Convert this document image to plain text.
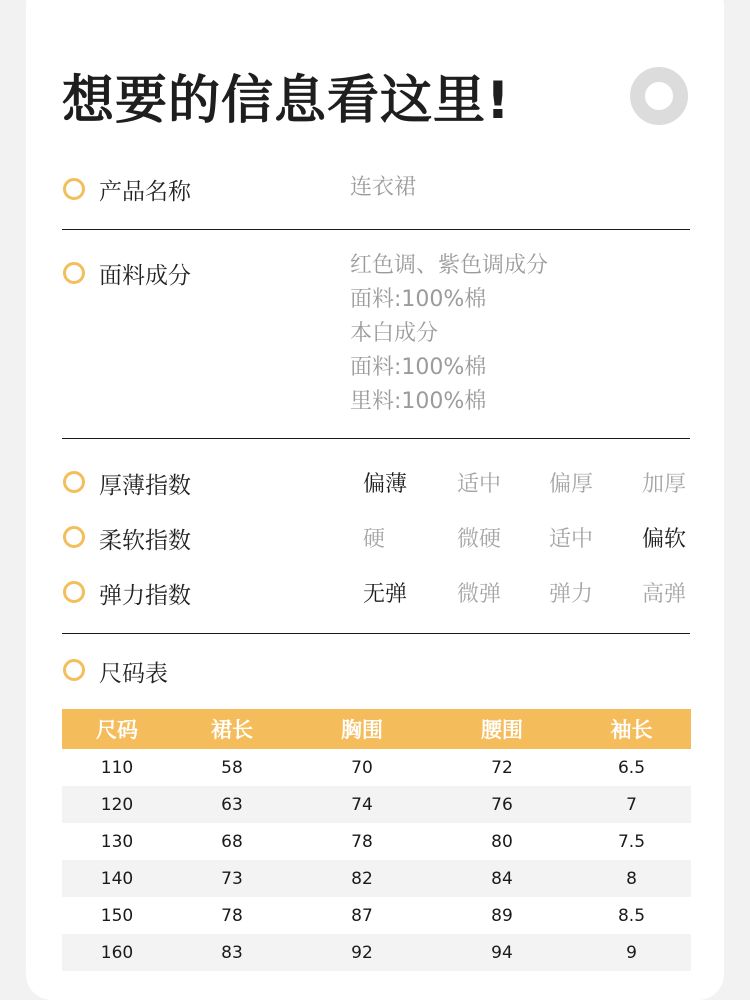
想要的信息看这里!
产品名称	连衣裙
面料成分	红色调、紫色调成分
面料:100%棉
本白成分
面料:100%棉
里料:100%棉
厚薄指数	偏薄 适中 偏厚 加厚
柔软指数	硬	微硬 适中 偏软
弹力指数	无弹 微弹 弹力 高弹
尺码表
尺码	裙长	胸围	腰围	袖长
110	58	70	72	6.5
120	63	74	76	7
130	68	78	80	7.5
140	73	82	84	8
150	78	87	89	8.5
160	83	92	94	9
